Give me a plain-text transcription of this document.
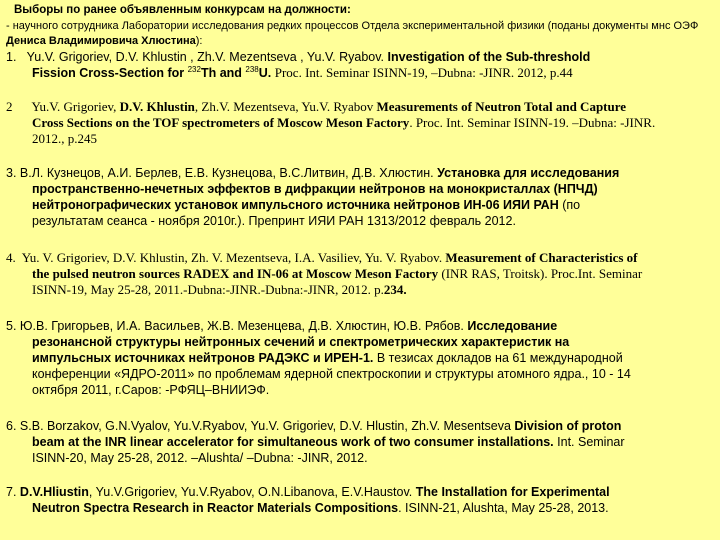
Выборы по ранее объявленным конкурсам на должности:
- научного сотрудника Лаборатории исследования редких процессов Отдела экспериментальной физики (поданы документы мнс ОЭФ Дениса Владимировича Хлюстина):
1. Yu.V. Grigoriev, D.V. Khlustin , Zh.V. Mezentseva , Yu.V. Ryabov. Investigation of the Sub-threshold
Fission Cross-Section for $^{232}$Th and $^{238}$U. Proc. Int. Seminar ISINN-19, –Dubna: -JINR. 2012, p.44
2 Yu.V. Grigoriev, D.V. Khlustin, Zh.V. Mezentseva, Yu.V. Ryabov Measurements of Neutron Total and Capture
Cross Sections on the TOF spectrometers of Moscow Meson Factory. Proc. Int. Seminar ISINN-19. –Dubna: -JINR.
2012., p.245
3. В.Л. Кузнецов, А.И. Берлев, Е.В. Кузнецова, В.С.Литвин, Д.В. Хлюстин. Установка для исследования
пространственно-нечетных эффектов в дифракции нейтронов на монокристаллах (НПЧД)
нейтронографических установок импульсного источника нейтронов ИН-06 ИЯИ РАН (по
результатам сеанса - ноября 2010г.). Препринт ИЯИ РАН 1313/2012 февраль 2012.
4. Yu. V. Grigoriev, D.V. Khlustin, Zh. V. Mezentseva, I.A. Vasiliev, Yu. V. Ryabov. Measurement of Characteristics of
the pulsed neutron sources RADEX and IN-06 at Moscow Meson Factory (INR RAS, Troitsk). Proc.Int. Seminar
ISINN-19, May 25-28, 2011.-Dubna:-JINR.-Dubna:-JINR, 2012. p.234.
5. Ю.В. Григорьев, И.А. Васильев, Ж.В. Мезенцева, Д.В. Хлюстин, Ю.В. Рябов. Исследование
резонансной структуры нейтронных сечений и спектрометрических характеристик на
импульсных источниках нейтронов РАДЭКС и ИРЕН-1. В тезисах докладов на 61 международной
конференции «ЯДРО-2011» по проблемам ядерной спектроскопии и структуры атомного ядра., 10 - 14
октября 2011, г.Саров: -РФЯЦ–ВНИИЭФ.
6. S.B. Borzakov, G.N.Vyalov, Yu.V.Ryabov, Yu.V. Grigoriev, D.V. Hlustin, Zh.V. Mesentseva Division of proton
beam at the INR linear accelerator for simultaneous work of two consumer installations. Int. Seminar
ISINN-20, May 25-28, 2012. –Alushta/ –Dubna: -JINR, 2012.
7. D.V.Hliustin, Yu.V.Grigoriev, Yu.V.Ryabov, O.N.Libanova, E.V.Haustov. The Installation for Experimental
Neutron Spectra Research in Reactor Materials Compositions. ISINN-21, Alushta, May 25-28, 2013.
